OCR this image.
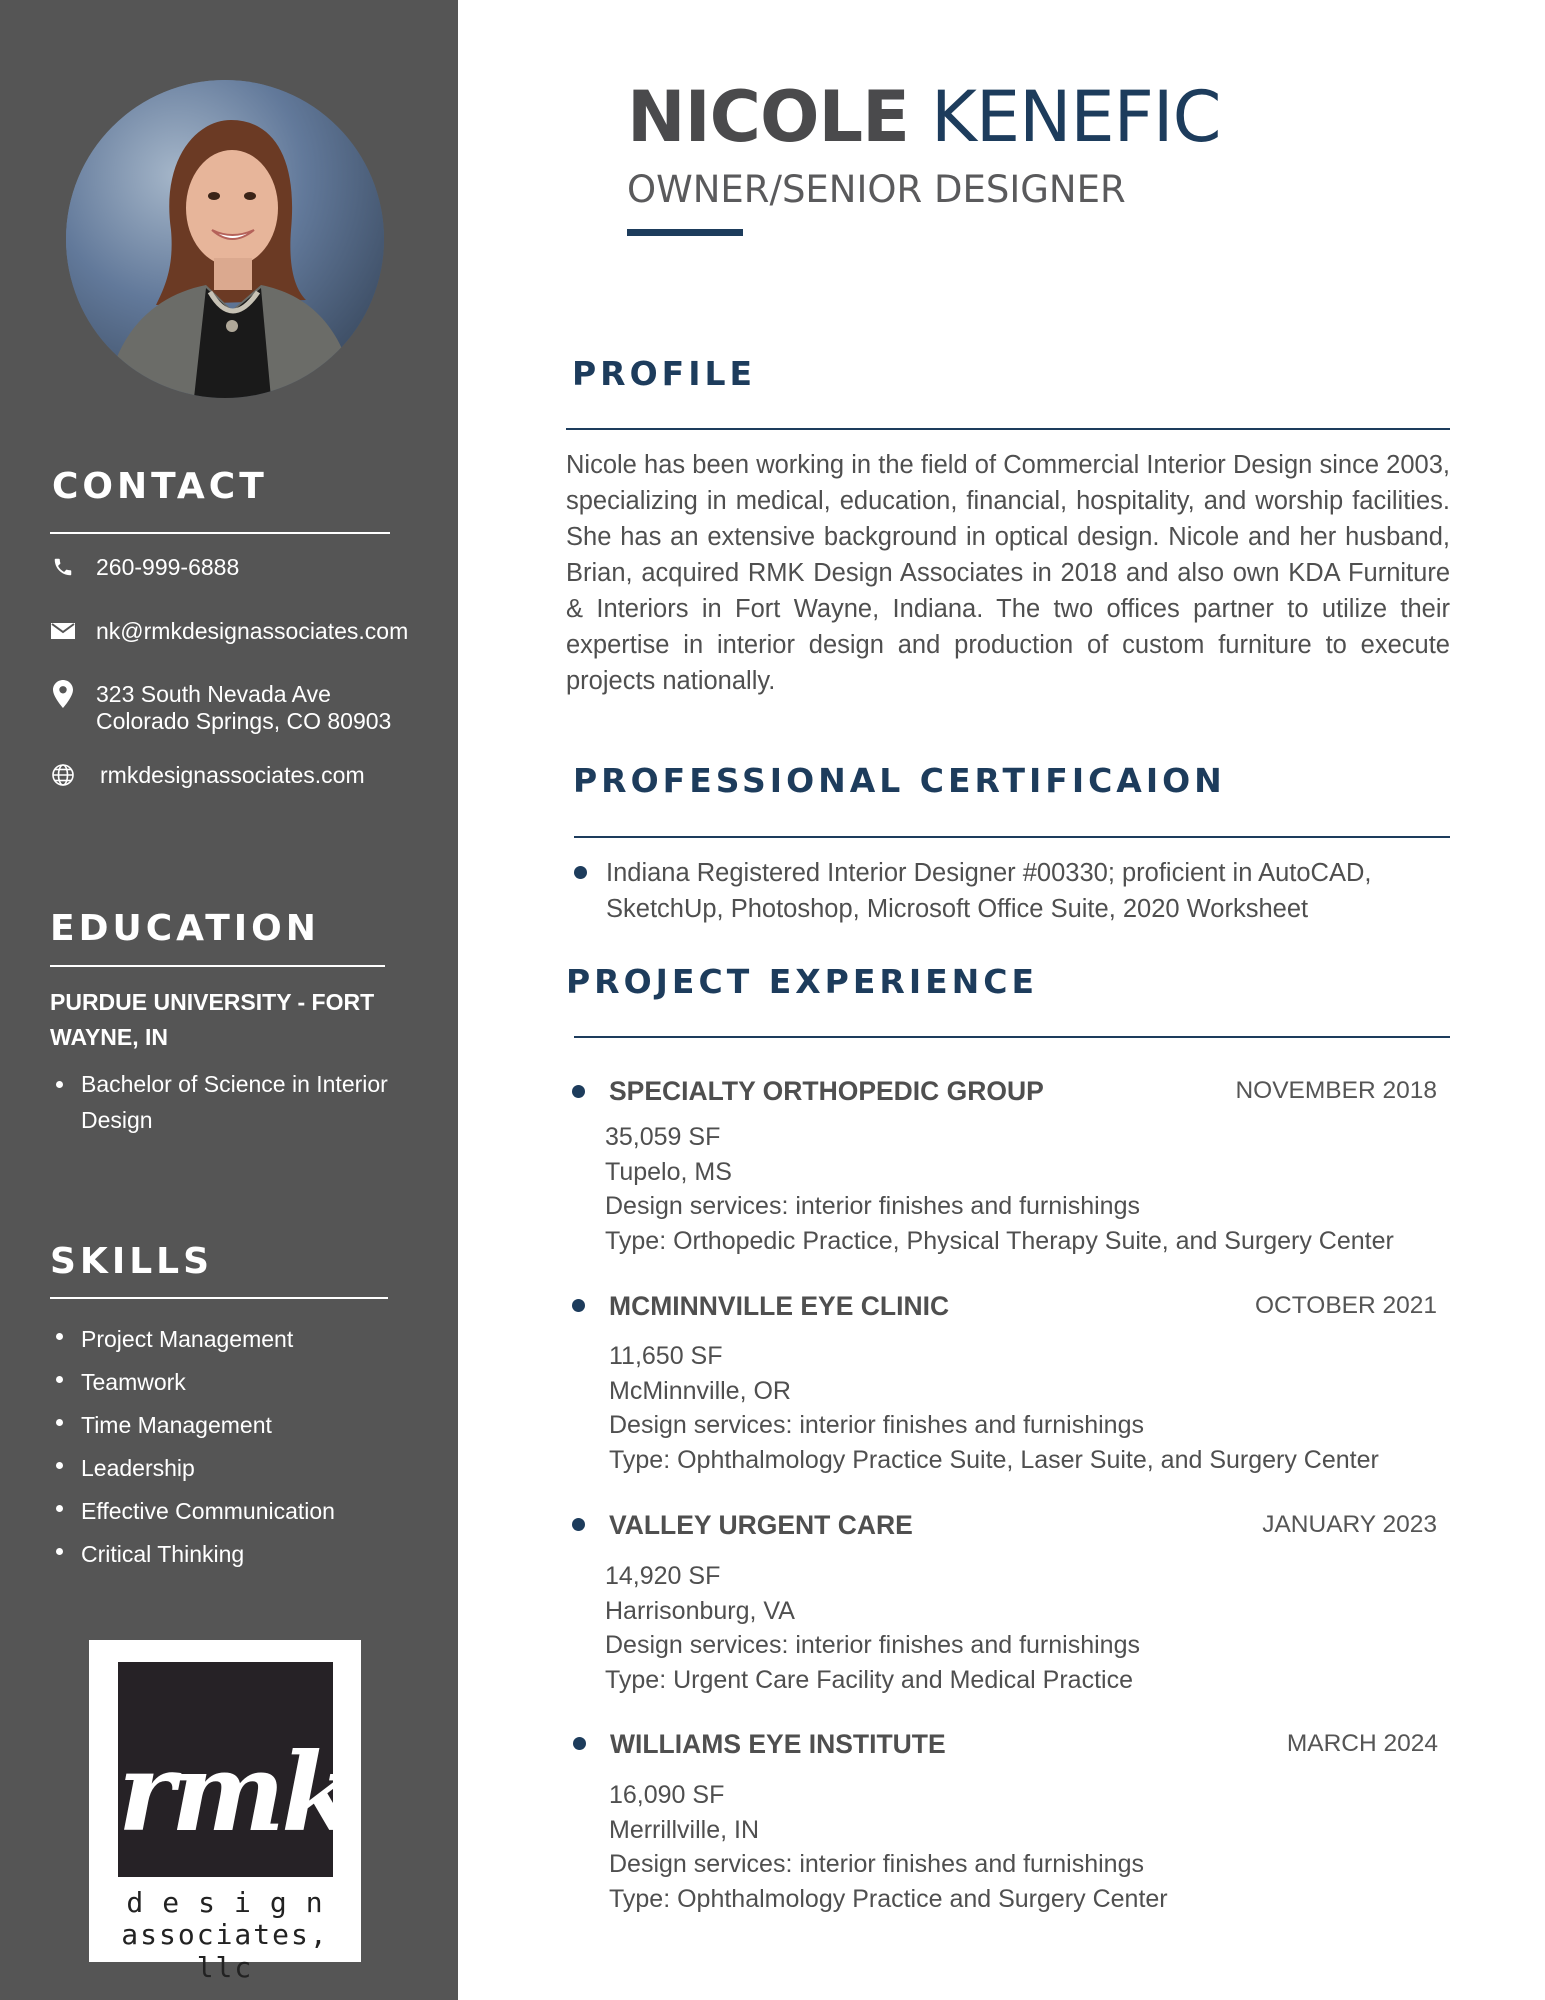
CONTACT
260-999-6888
nk@rmkdesignassociates.com
323 South Nevada Ave
Colorado Springs, CO 80903
rmkdesignassociates.com
EDUCATION
PURDUE UNIVERSITY - FORT WAYNE, IN
Bachelor of Science in Interior Design
SKILLS
Project Management
Teamwork
Time Management
Leadership
Effective Communication
Critical Thinking
rmk
design
associates, llc
NICOLE KENEFIC
OWNER/SENIOR DESIGNER
PROFILE
Nicole has been working in the field of Commercial Interior Design since 2003, specializing in medical, education, financial, hospitality, and worship facilities. She has an extensive background in optical design. Nicole and her husband, Brian, acquired RMK Design Associates in 2018 and also own KDA Furniture & Interiors in Fort Wayne, Indiana. The two offices partner to utilize their expertise in interior design and production of custom furniture to execute projects nationally.
PROFESSIONAL CERTIFICAION
Indiana Registered Interior Designer #00330; proficient in AutoCAD, SketchUp, Photoshop, Microsoft Office Suite, 2020 Worksheet
PROJECT EXPERIENCE
SPECIALTY ORTHOPEDIC GROUP	NOVEMBER 2018
35,059 SF
Tupelo, MS
Design services: interior finishes and furnishings
Type: Orthopedic Practice, Physical Therapy Suite, and Surgery Center
MCMINNVILLE EYE CLINIC	OCTOBER 2021
11,650 SF
McMinnville, OR
Design services: interior finishes and furnishings
Type: Ophthalmology Practice Suite, Laser Suite, and Surgery Center
VALLEY URGENT CARE	JANUARY 2023
14,920 SF
Harrisonburg, VA
Design services: interior finishes and furnishings
Type: Urgent Care Facility and Medical Practice
WILLIAMS EYE INSTITUTE	MARCH 2024
16,090 SF
Merrillville, IN
Design services: interior finishes and furnishings
Type: Ophthalmology Practice and Surgery Center
